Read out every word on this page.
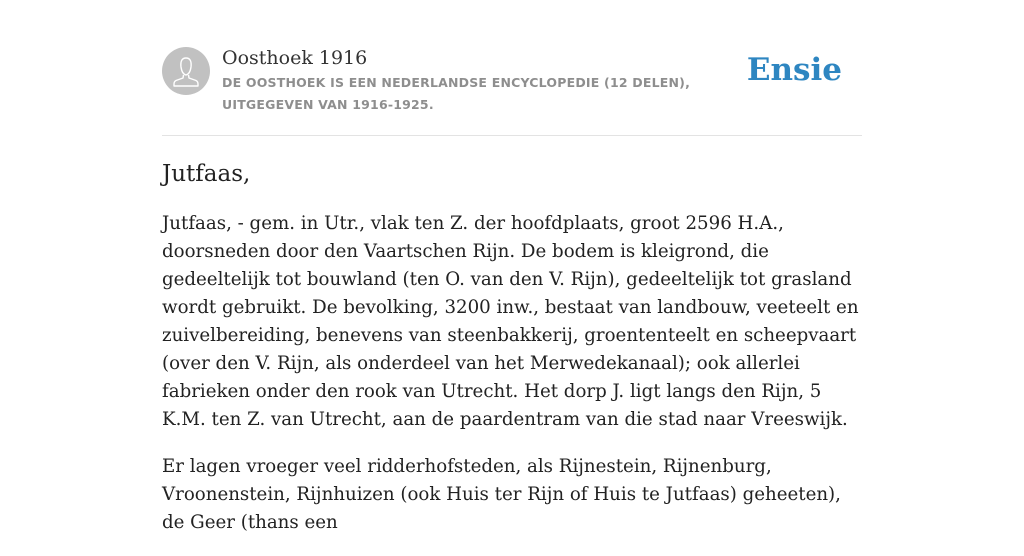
Oosthoek 1916
DE OOSTHOEK IS EEN NEDERLANDSE ENCYCLOPEDIE (12 DELEN), UITGEGEVEN VAN 1916-1925.
Ensie
Jutfaas,

Jutfaas, - gem. in Utr., vlak ten Z. der hoofdplaats, groot 2596 H.A., doorsneden door den Vaartschen Rijn. De bodem is kleigrond, die gedeeltelijk tot bouwland (ten O. van den V. Rijn), gedeeltelijk tot grasland wordt gebruikt. De bevolking, 3200 inw., bestaat van landbouw, veeteelt en zuivelbereiding, benevens van steenbakkerij, groententeelt en scheepvaart (over den V. Rijn, als onderdeel van het Merwedekanaal); ook allerlei fabrieken onder den rook van Utrecht. Het dorp J. ligt langs den Rijn, 5 K.M. ten Z. van Utrecht, aan de paardentram van die stad naar Vreeswijk.

Er lagen vroeger veel ridderhofsteden, als Rijnestein, Rijnenburg, Vroonenstein, Rijnhuizen (ook Huis ter Rijn of Huis te Jutfaas) geheeten), de Geer (thans een
